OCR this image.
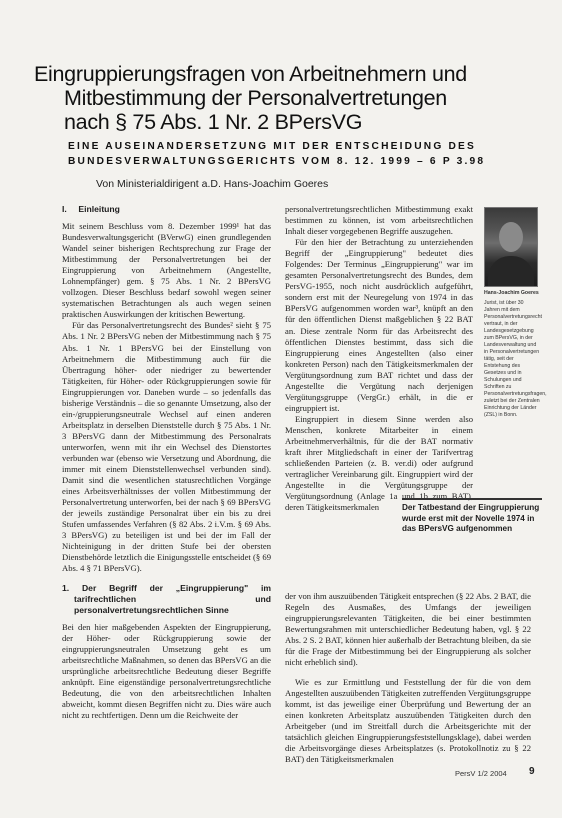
Eingruppierungsfragen von Arbeitnehmern und
Mitbestimmung der Personalvertretungen
nach § 75 Abs. 1 Nr. 2 BPersVG
EINE AUSEINANDERSETZUNG MIT DER ENTSCHEIDUNG DES
BUNDESVERWALTUNGSGERICHTS VOM 8. 12. 1999 – 6 P 3.98
Von Ministerialdirigent a.D. Hans-Joachim Goeres
I. Einleitung

Mit seinem Beschluss vom 8. Dezember 1999¹ hat das Bundesverwaltungsgericht (BVerwG) einen grundlegenden Wandel seiner bisherigen Rechtsprechung zur Frage der Mitbestimmung der Personalvertretungen bei der Eingruppierung von Arbeitnehmern (Angestellte, Lohnempfänger) gem. § 75 Abs. 1 Nr. 2 BPersVG vollzogen. Dieser Beschluss bedarf sowohl wegen seiner systematischen Betrachtungen als auch wegen seinen praktischen Auswirkungen der kritischen Bewertung.

Für das Personalvertretungsrecht des Bundes² sieht § 75 Abs. 1 Nr. 2 BPersVG neben der Mitbestimmung nach § 75 Abs. 1 Nr. 1 BPersVG bei der Einstellung von Arbeitnehmern die Mitbestimmung auch für die Übertragung höher- oder niedriger zu bewertender Tätigkeiten, für Höher- oder Rückgruppierungen sowie für Eingruppierungen vor. Daneben wurde – so jedenfalls das bisherige Verständnis – die so genannte Umsetzung, also der ein-/gruppierungsneutrale Wechsel auf einen anderen Arbeitsplatz in derselben Dienststelle durch § 75 Abs. 1 Nr. 3 BPersVG dann der Mitbestimmung des Personalrats unterworfen, wenn mit ihr ein Wechsel des Dienstortes verbunden war (ebenso wie Versetzung und Abordnung, die immer mit einem Dienststellenwechsel verbunden sind). Damit sind die wesentlichen statusrechtlichen Vorgänge eines Arbeitsverhältnisses der vollen Mitbestimmung der Personalvertretung unterworfen, bei der nach § 69 BPersVG der jeweils zuständige Personalrat über ein bis zu drei Stufen umfassendes Verfahren (§ 82 Abs. 2 i.V.m. § 69 Abs. 3 BPersVG) zu beteiligen ist und bei der im Fall der Nichteinigung in der dritten Stufe bei der obersten Dienstbehörde letztlich die Einigungsstelle entscheidet (§ 69 Abs. 4 § 71 BPersVG).

1. Der Begriff der „Eingruppierung" im tarifrechtlichen und personalvertretungsrechtlichen Sinne

Bei den hier maßgebenden Aspekten der Eingruppierung, der Höher- oder Rückgruppierung sowie der eingruppierungsneutralen Umsetzung geht es um arbeitsrechtliche Maßnahmen, so denen das BPersVG an die ursprüngliche arbeitsrechtliche Bedeutung dieser Begriffe anknüpft. Eine eigenständige personalvertretungsrechtliche Bedeutung, die von den arbeitsrechtlichen Inhalten abweicht, kommt diesen Begriffen nicht zu. Dies wäre auch nicht zu rechtfertigen. Denn um die Reichweite der

personalvertretungsrechtlichen Mitbestimmung exakt bestimmen zu können, ist vom arbeitsrechtlichen Inhalt dieser vorgegebenen Begriffe auszugehen.

Für den hier der Betrachtung zu unterziehenden Begriff der „Eingruppierung" bedeutet dies Folgendes: Der Terminus „Eingruppierung" war im gesamten Personalvertretungsrecht des Bundes, dem PersVG-1955, noch nicht ausdrücklich aufgeführt, sondern erst mit der Neuregelung von 1974 in das BPersVG aufgenommen worden war³, knüpft an den für den öffentlichen Dienst maßgeblichen § 22 BAT an. Diese zentrale Norm für das Arbeitsrecht des öffentlichen Dienstes bestimmt, dass sich die Eingruppierung eines Angestellten (also einer konkreten Person) nach den Tätigkeitsmerkmalen der Vergütungsordnung zum BAT richtet und dass der Angestellte die Vergütung nach derjenigen Vergütungsgruppe (VergGr.) erhält, in die er eingruppiert ist.

Eingruppiert in diesem Sinne werden also Menschen, konkrete Mitarbeiter in einem Arbeitnehmerverhältnis, für die der BAT normativ kraft ihrer Mitgliedschaft in einer der Tarifvertrag schließenden Parteien (z. B. ver.di) oder aufgrund vertraglicher Vereinbarung gilt. Eingruppiert wird der Angestellte in die Vergütungsgruppe der Vergütungsordnung (Anlage 1a und 1b zum BAT), deren Tätigkeitsmerkmalen

der von ihm auszuübenden Tätigkeit entsprechen (§ 22 Abs. 2 BAT, die Regeln des Ausmaßes, des Umfangs der jeweiligen eingruppierungsrelevanten Tätigkeiten, die bei einer bestimmten Bewertungsrahmen mit unterschiedlicher Bedeutung haben, vgl. § 22 Abs. 2 S. 2 BAT, können hier außerhalb der Betrachtung bleiben, da sie für die Frage der Mitbestimmung bei der Eingruppierung als solcher nicht erheblich sind).

Wie es zur Ermittlung und Feststellung der für die von dem Angestellten auszuübenden Tätigkeiten zutreffenden Vergütungsgruppe kommt, ist das jeweilige einer Überprüfung und Bewertung der an einen konkreten Arbeitsplatz auszuübenden Tätigkeiten durch den Arbeitgeber (und im Streitfall durch die Arbeitsgerichte mit der tatsächlich gleichen Eingruppierungsfeststellungsklage), dabei werden die Arbeitsvorgänge dieses Arbeitsplatzes (s. Protokollnotiz zu § 22 BAT) den Tätigkeitsmerkmalen

Hans-Joachim Goeres
Jurist, ist über 30 Jahren mit dem Personalvertretungsrecht vertraut, in der Landesgesetzgebung zum BPersVG, in der Landesverwaltung und in Personalvertretungen tätig, seit der Entstehung des Gesetzes und in Schulungen und Schriften zu Personalvertretungsfragen, zuletzt bei der Zentralen Einrichtung der Länder (ZSL) in Bonn.
Der Tatbestand der Eingruppierung wurde erst mit der Novelle 1974 in das BPersVG aufgenommen
PersV 1/2 2004 9
